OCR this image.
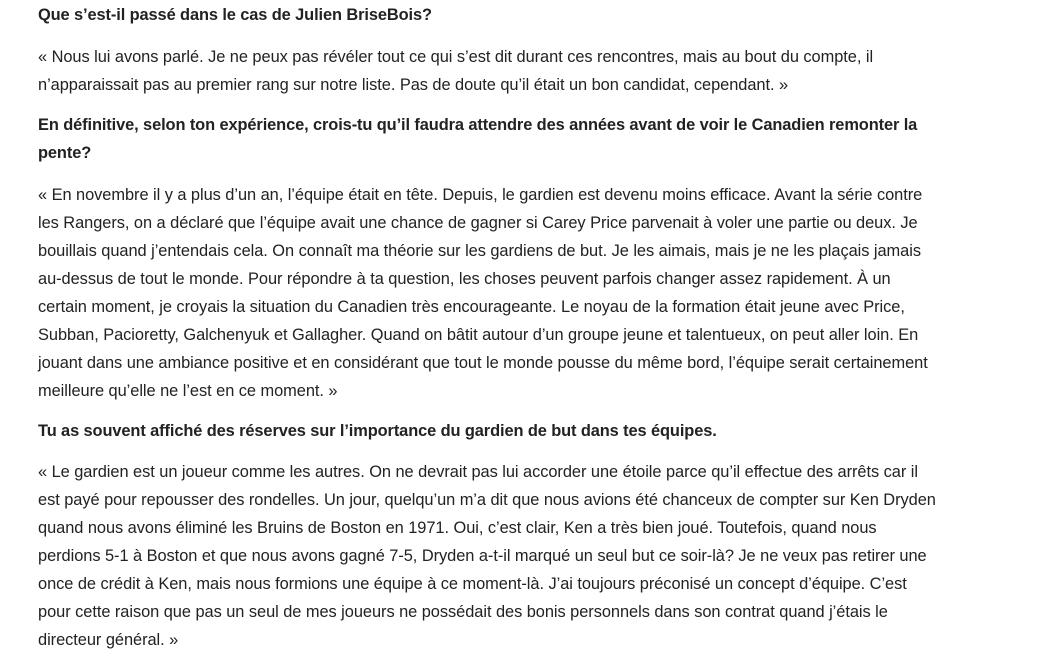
Que s’est-il passé dans le cas de Julien BriseBois?

« Nous lui avons parlé. Je ne peux pas révéler tout ce qui s’est dit durant ces rencontres, mais au bout du compte, il n’apparaissait pas au premier rang sur notre liste. Pas de doute qu’il était un bon candidat, cependant. »

En définitive, selon ton expérience, crois-tu qu’il faudra attendre des années avant de voir le Canadien remonter la pente?

« En novembre il y a plus d’un an, l’équipe était en tête. Depuis, le gardien est devenu moins efficace. Avant la série contre les Rangers, on a déclaré que l’équipe avait une chance de gagner si Carey Price parvenait à voler une partie ou deux. Je bouillais quand j’entendais cela. On connaît ma théorie sur les gardiens de but. Je les aimais, mais je ne les plaçais jamais au-dessus de tout le monde. Pour répondre à ta question, les choses peuvent parfois changer assez rapidement. À un certain moment, je croyais la situation du Canadien très encourageante. Le noyau de la formation était jeune avec Price, Subban, Pacioretty, Galchenyuk et Gallagher. Quand on bâtit autour d’un groupe jeune et talentueux, on peut aller loin. En jouant dans une ambiance positive et en considérant que tout le monde pousse du même bord, l’équipe serait certainement meilleure qu’elle ne l’est en ce moment. »

Tu as souvent affiché des réserves sur l’importance du gardien de but dans tes équipes.

« Le gardien est un joueur comme les autres. On ne devrait pas lui accorder une étoile parce qu’il effectue des arrêts car il est payé pour repousser des rondelles. Un jour, quelqu’un m’a dit que nous avions été chanceux de compter sur Ken Dryden quand nous avons éliminé les Bruins de Boston en 1971. Oui, c’est clair, Ken a très bien joué. Toutefois, quand nous perdions 5-1 à Boston et que nous avons gagné 7-5, Dryden a-t-il marqué un seul but ce soir-là? Je ne veux pas retirer une once de crédit à Ken, mais nous formions une équipe à ce moment-là. J’ai toujours préconisé un concept d’équipe. C’est pour cette raison que pas un seul de mes joueurs ne possédait des bonis personnels dans son contrat quand j’étais le directeur général. »
